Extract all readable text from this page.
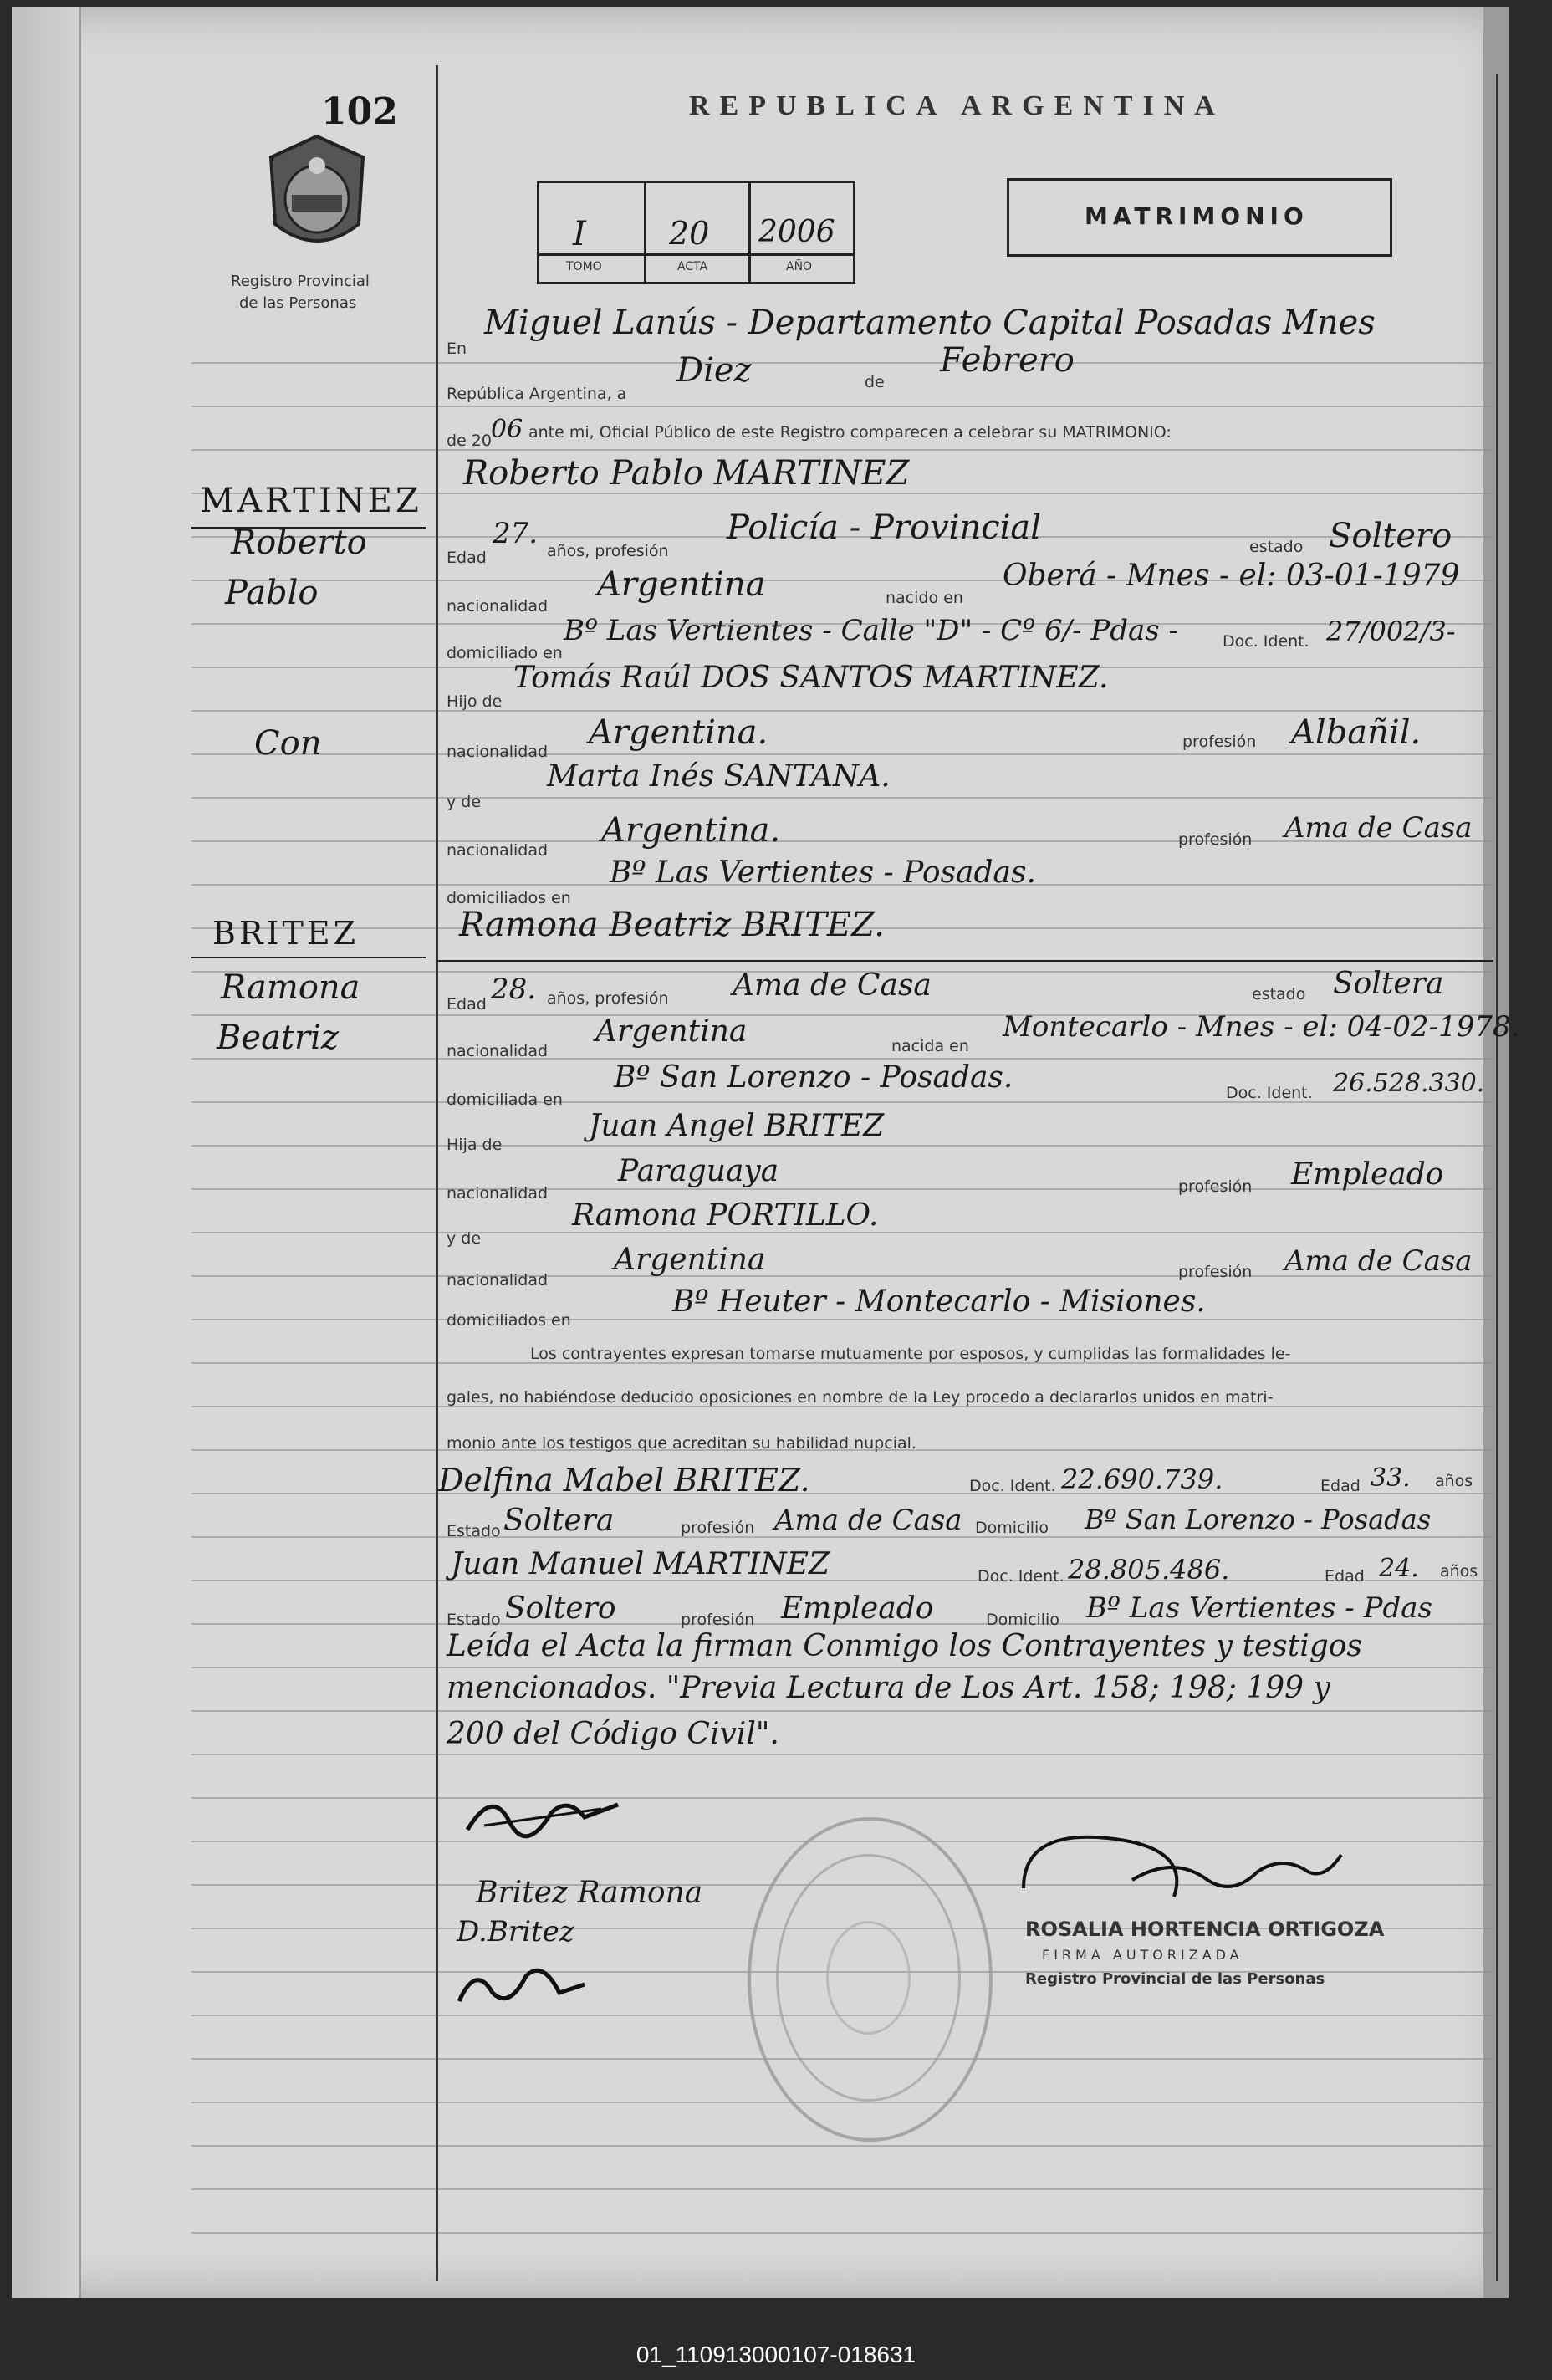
102
Registro Provincial
de las Personas
REPUBLICA ARGENTINA
I	20 2006
TOMO	ACTA	AÑO
MATRIMONIO
MARTINEZ
Roberto
Pablo
Con
BRITEZ
Ramona
Beatriz
En
Miguel Lanús - Departamento Capital Posadas Mnes
República Argentina, a
Diez	de
Febrero
de 20 06 ante mi, Oficial Público de este Registro comparecen a celebrar su MATRIMONIO:
Roberto Pablo MARTINEZ
Edad
27.
años, profesión
Policía - Provincial	estado Soltero
nacionalidad
Argentina	nacido en
Oberá - Mnes - el: 03-01-1979
domiciliado en
Bº Las Vertientes - Calle "D" - Cº 6/- Pdas -	Doc. Ident. 27/002/3-
Hijo de
Tomás Raúl DOS SANTOS MARTINEZ.
nacionalidad Argentina.	profesión Albañil.
y de
Marta Inés SANTANA.
nacionalidad
Argentina.	profesión Ama de Casa
domiciliados en
Bº Las Vertientes - Posadas.
Ramona Beatriz BRITEZ.
Edad 28. años, profesión Ama de Casa	estado Soltera
nacionalidad
Argentina	nacida en
Montecarlo - Mnes - el: 04-02-1978.
domiciliada en
Bº San Lorenzo - Posadas.	Doc. Ident. 26.528.330.
Hija de
Juan Angel BRITEZ
nacionalidad
Paraguaya	profesión Empleado
y de
Ramona PORTILLO.
nacionalidad
Argentina	profesión Ama de Casa
domiciliados en
Bº Heuter - Montecarlo - Misiones.
Los contrayentes expresan tomarse mutuamente por esposos, y cumplidas las formalidades le-
gales, no habiéndose deducido oposiciones en nombre de la Ley procedo a declararlos unidos en matri-
monio ante los testigos que acreditan su habilidad nupcial.
Delfina Mabel BRITEZ.	Doc. Ident. 22.690.739.	Edad 33. años
Estado Soltera	profesión Ama de Casa Domicilio Bº San Lorenzo - Posadas
Juan Manuel MARTINEZ	Doc. Ident. 28.805.486.	Edad 24. años
Estado Soltero	profesión Empleado	Domicilio Bº Las Vertientes - Pdas
Leída el Acta la firman Conmigo los Contrayentes y testigos
mencionados. "Previa Lectura de Los Art. 158; 198; 199 y
200 del Código Civil".
Britez Ramona
D.Britez	ROSALIA HORTENCIA ORTIGOZA
FIRMA AUTORIZADA
Registro Provincial de las Personas
01_110913000107-018631
